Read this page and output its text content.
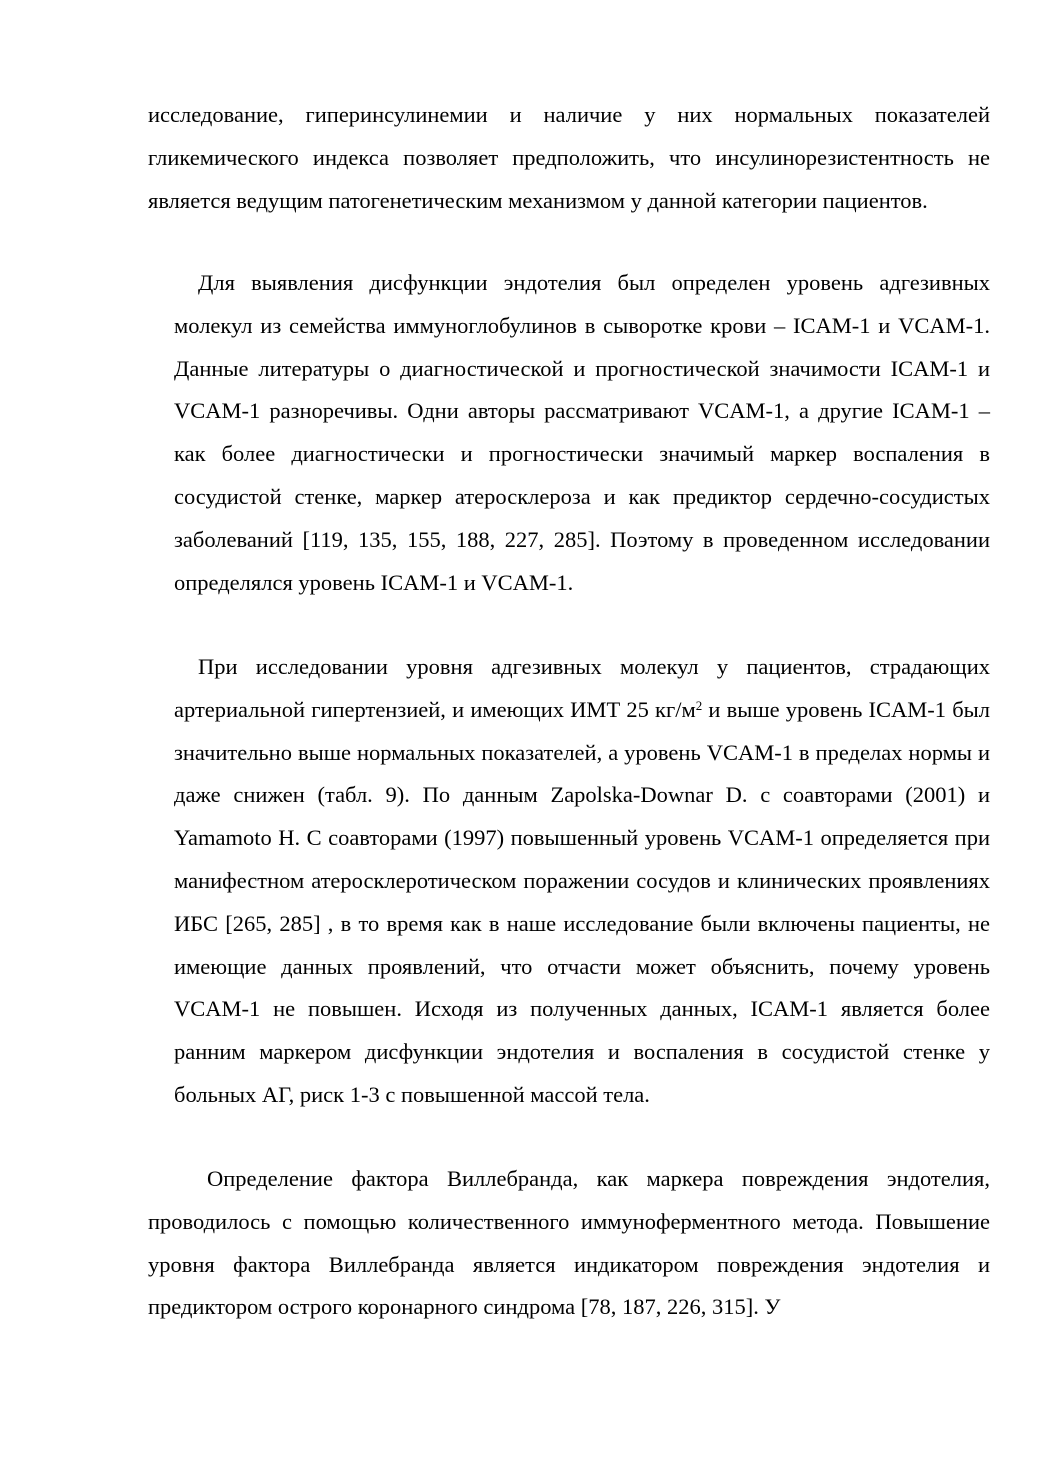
исследование, гиперинсулинемии и наличие у них нормальных показателей гликемического индекса позволяет предположить, что инсулинорезистентность не является ведущим патогенетическим механизмом у данной категории пациентов.

Для выявления дисфункции эндотелия был определен уровень адгезивных молекул из семейства иммуноглобулинов в сыворотке крови – ICAM-1 и VCAM-1. Данные литературы о диагностической и прогностической значимости ICAM-1 и VCAM-1 разноречивы. Одни авторы рассматривают VCAM-1, а другие ICAM-1 – как более диагностически и прогностически значимый маркер воспаления в сосудистой стенке, маркер атеросклероза и как предиктор сердечно-сосудистых заболеваний [119, 135, 155, 188, 227, 285]. Поэтому в проведенном исследовании определялся уровень ICAM-1 и VCAM-1.

При исследовании уровня адгезивных молекул у пациентов, страдающих артериальной гипертензией, и имеющих ИМТ 25 $кг/м^2$ и выше уровень ICAM-1 был значительно выше нормальных показателей, а уровень VCAM-1 в пределах нормы и даже снижен (табл. 9). По данным Zapolska-Downar D. с соавторами (2001) и Yamamoto H. C соавторами (1997) повышенный уровень VCAM-1 определяется при манифестном атеросклеротическом поражении сосудов и клинических проявлениях ИБС [265, 285] , в то время как в наше исследование были включены пациенты, не имеющие данных проявлений, что отчасти может объяснить, почему уровень VCAM-1 не повышен. Исходя из полученных данных, ICAM-1 является более ранним маркером дисфункции эндотелия и воспаления в сосудистой стенке у больных АГ, риск 1-3 с повышенной массой тела.

Определение фактора Виллебранда, как маркера повреждения эндотелия, проводилось с помощью количественного иммуноферментного метода. Повышение уровня фактора Виллебранда является индикатором повреждения эндотелия и предиктором острого коронарного синдрома [78, 187, 226, 315]. У
